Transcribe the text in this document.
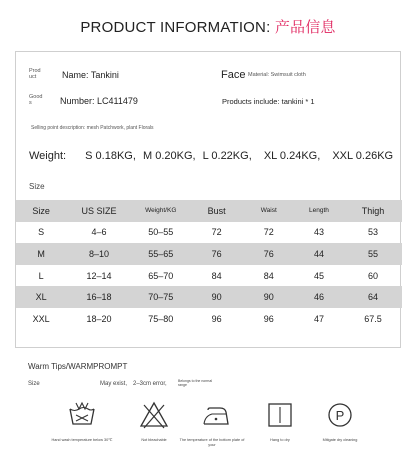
PRODUCT INFORMATION: 产品信息
Prod uct	Name: Tankini	Face Material: Swimsuit cloth
Good s	Number: LC411479	Products include: tankini * 1
Selling point description: mesh Patchwork, plant Florals
Weight: S 0.18KG, M 0.20KG, L 0.22KG, XL 0.24KG, XXL 0.26KG
Size
Size	US SIZE	Weight/KG	Bust	Waist	Length	Thigh
S	4–6	50–55	72	72	43	53
M	8–10	55–65	76	76	44	55
L	12–14	65–70	84	84	45	60
XL	16–18	70–75	90	90	46	64
XXL	18–20	75–80	96	96	47	67.5
Warm Tips/WARMPROMPT
Size	May exist, 2–3cm error,	Belongs to the normal range
Hand wash temperature below 30℃	Not bleachable	The temperature of the bottom plate of your
Hang to dry
P
Mitigate dry cleaning
